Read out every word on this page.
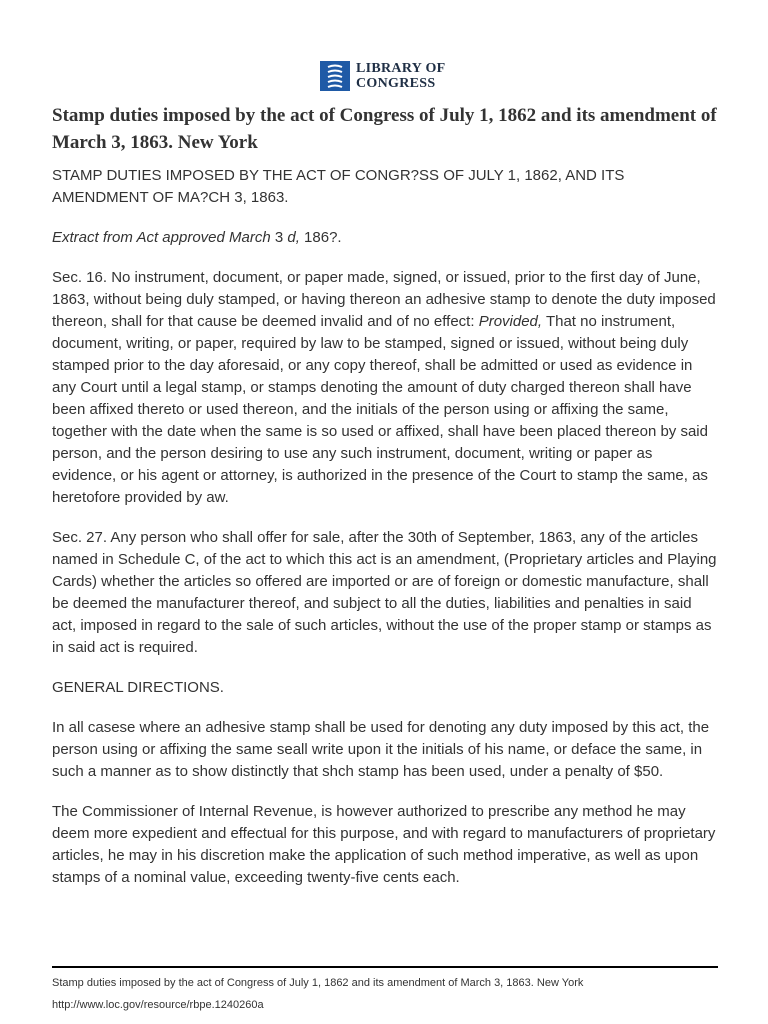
LIBRARY OF
CONGRESS
Stamp duties imposed by the act of Congress of July 1, 1862 and its amendment of March 3, 1863. New York

STAMP DUTIES IMPOSED BY THE ACT OF CONGR?SS OF JULY 1, 1862, AND ITS AMENDMENT OF MA?CH 3, 1863.

Extract from Act approved March 3 d, 186?.

Sec. 16. No instrument, document, or paper made, signed, or issued, prior to the first day of June, 1863, without being duly stamped, or having thereon an adhesive stamp to denote the duty imposed thereon, shall for that cause be deemed invalid and of no effect: Provided, That no instrument, document, writing, or paper, required by law to be stamped, signed or issued, without being duly stamped prior to the day aforesaid, or any copy thereof, shall be admitted or used as evidence in any Court until a legal stamp, or stamps denoting the amount of duty charged thereon shall have been affixed thereto or used thereon, and the initials of the person using or affixing the same, together with the date when the same is so used or affixed, shall have been placed thereon by said person, and the person desiring to use any such instrument, document, writing or paper as evidence, or his agent or attorney, is authorized in the presence of the Court to stamp the same, as heretofore provided by aw.

Sec. 27. Any person who shall offer for sale, after the 30th of September, 1863, any of the articles named in Schedule C, of the act to which this act is an amendment, (Proprietary articles and Playing Cards) whether the articles so offered are imported or are of foreign or domestic manufacture, shall be deemed the manufacturer thereof, and subject to all the duties, liabilities and penalties in said act, imposed in regard to the sale of such articles, without the use of the proper stamp or stamps as in said act is required.

GENERAL DIRECTIONS.

In all casese where an adhesive stamp shall be used for denoting any duty imposed by this act, the person using or affixing the same seall write upon it the initials of his name, or deface the same, in such a manner as to show distinctly that shch stamp has been used, under a penalty of $50.

The Commissioner of Internal Revenue, is however authorized to prescribe any method he may deem more expedient and effectual for this purpose, and with regard to manufacturers of proprietary articles, he may in his discretion make the application of such method imperative, as well as upon stamps of a nominal value, exceeding twenty-five cents each.

Stamp duties imposed by the act of Congress of July 1, 1862 and its amendment of March 3, 1863. New York http://www.loc.gov/resource/rbpe.1240260a
